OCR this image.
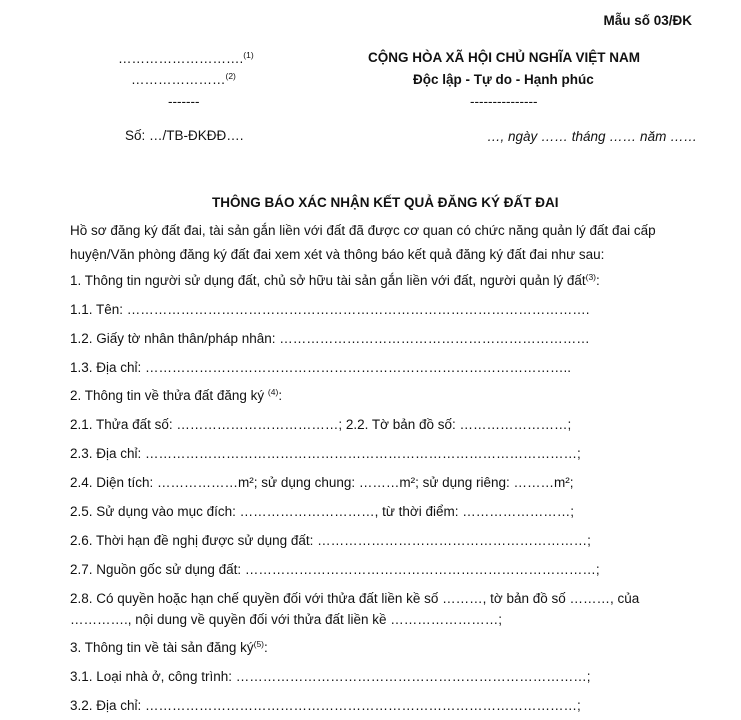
Mẫu số 03/ĐK
……………………….$^{(1)}$
…………………$^{(2)}$
-------
Số: …/TB-ĐKĐĐ….
CỘNG HÒA XÃ HỘI CHỦ NGHĨA VIỆT NAM
Độc lập - Tự do - Hạnh phúc
---------------
…, ngày …… tháng …… năm ……
THÔNG BÁO XÁC NHẬN KẾT QUẢ ĐĂNG KÝ ĐẤT ĐAI
Hồ sơ đăng ký đất đai, tài sản gắn liền với đất đã được cơ quan có chức năng quản lý đất đai cấp
huyện/Văn phòng đăng ký đất đai xem xét và thông báo kết quả đăng ký đất đai như sau:
1. Thông tin người sử dụng đất, chủ sở hữu tài sản gắn liền với đất, người quản lý đất$^{(3)}$:
1.1. Tên: ………………………………………………………………………………………….
1.2. Giấy tờ nhân thân/pháp nhân: ……………………………………………………………
1.3. Địa chỉ: …………………………………………………………………………………..
2. Thông tin về thửa đất đăng ký $^{(4)}$:
2.1. Thửa đất số: ………………………………; 2.2. Tờ bản đồ số: ……………………;
2.3. Địa chỉ: ……………………………………………………………………………………;
2.4. Diện tích: ………………m²; sử dụng chung: ………m²; sử dụng riêng: ………m²;
2.5. Sử dụng vào mục đích: …………………………, từ thời điểm: ……………………;
2.6. Thời hạn đề nghị được sử dụng đất: ……………………………………………………;
2.7. Nguồn gốc sử dụng đất: ……………………………………………………………………;
2.8. Có quyền hoặc hạn chế quyền đối với thửa đất liền kề số ………, tờ bản đồ số ………, của
…………., nội dung về quyền đối với thửa đất liền kề ……………………;
3. Thông tin về tài sản đăng $ký^{(5)}$:
3.1. Loại nhà ở, công trình: ……………………………………………………………………;
3.2. Địa chỉ: ……………………………………………………………………………………;
